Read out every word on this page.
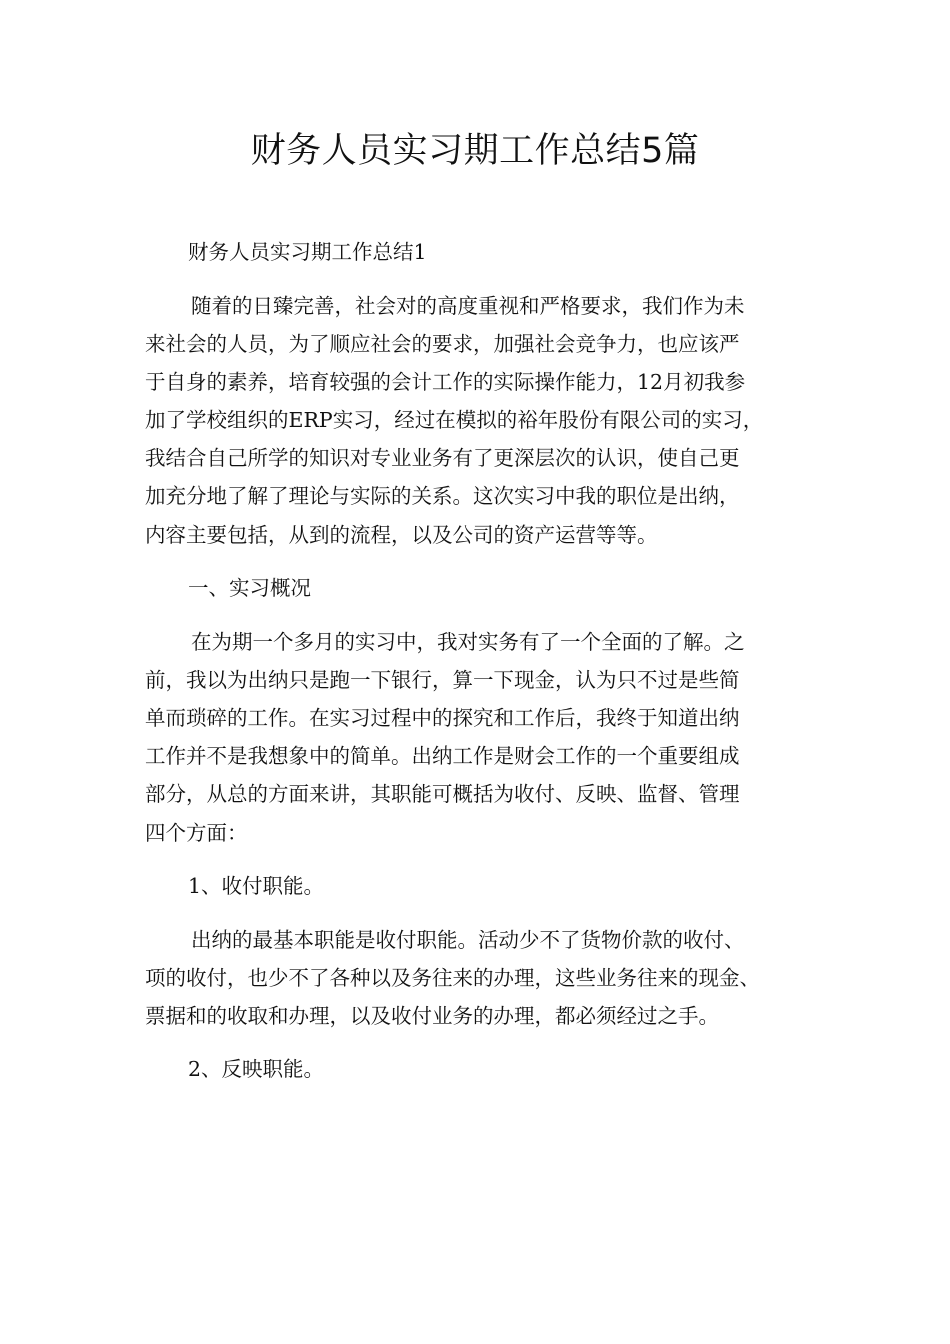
财务人员实习期工作总结5篇
财务人员实习期工作总结1
随着的日臻完善，社会对的高度重视和严格要求，我们作为未
来社会的人员，为了顺应社会的要求，加强社会竞争力，也应该严
于自身的素养，培育较强的会计工作的实际操作能力，12月初我参
加了学校组织的ERP实习，经过在模拟的裕年股份有限公司的实习，
我结合自己所学的知识对专业业务有了更深层次的认识，使自己更
加充分地了解了理论与实际的关系。这次实习中我的职位是出纳，
内容主要包括，从到的流程，以及公司的资产运营等等。
一、实习概况
在为期一个多月的实习中，我对实务有了一个全面的了解。之
前，我以为出纳只是跑一下银行，算一下现金，认为只不过是些简
单而琐碎的工作。在实习过程中的探究和工作后，我终于知道出纳
工作并不是我想象中的简单。出纳工作是财会工作的一个重要组成
部分，从总的方面来讲，其职能可概括为收付、反映、监督、管理
四个方面：
1、收付职能。
出纳的最基本职能是收付职能。活动少不了货物价款的收付、
项的收付，也少不了各种以及务往来的办理，这些业务往来的现金、
票据和的收取和办理，以及收付业务的办理，都必须经过之手。
2、反映职能。
